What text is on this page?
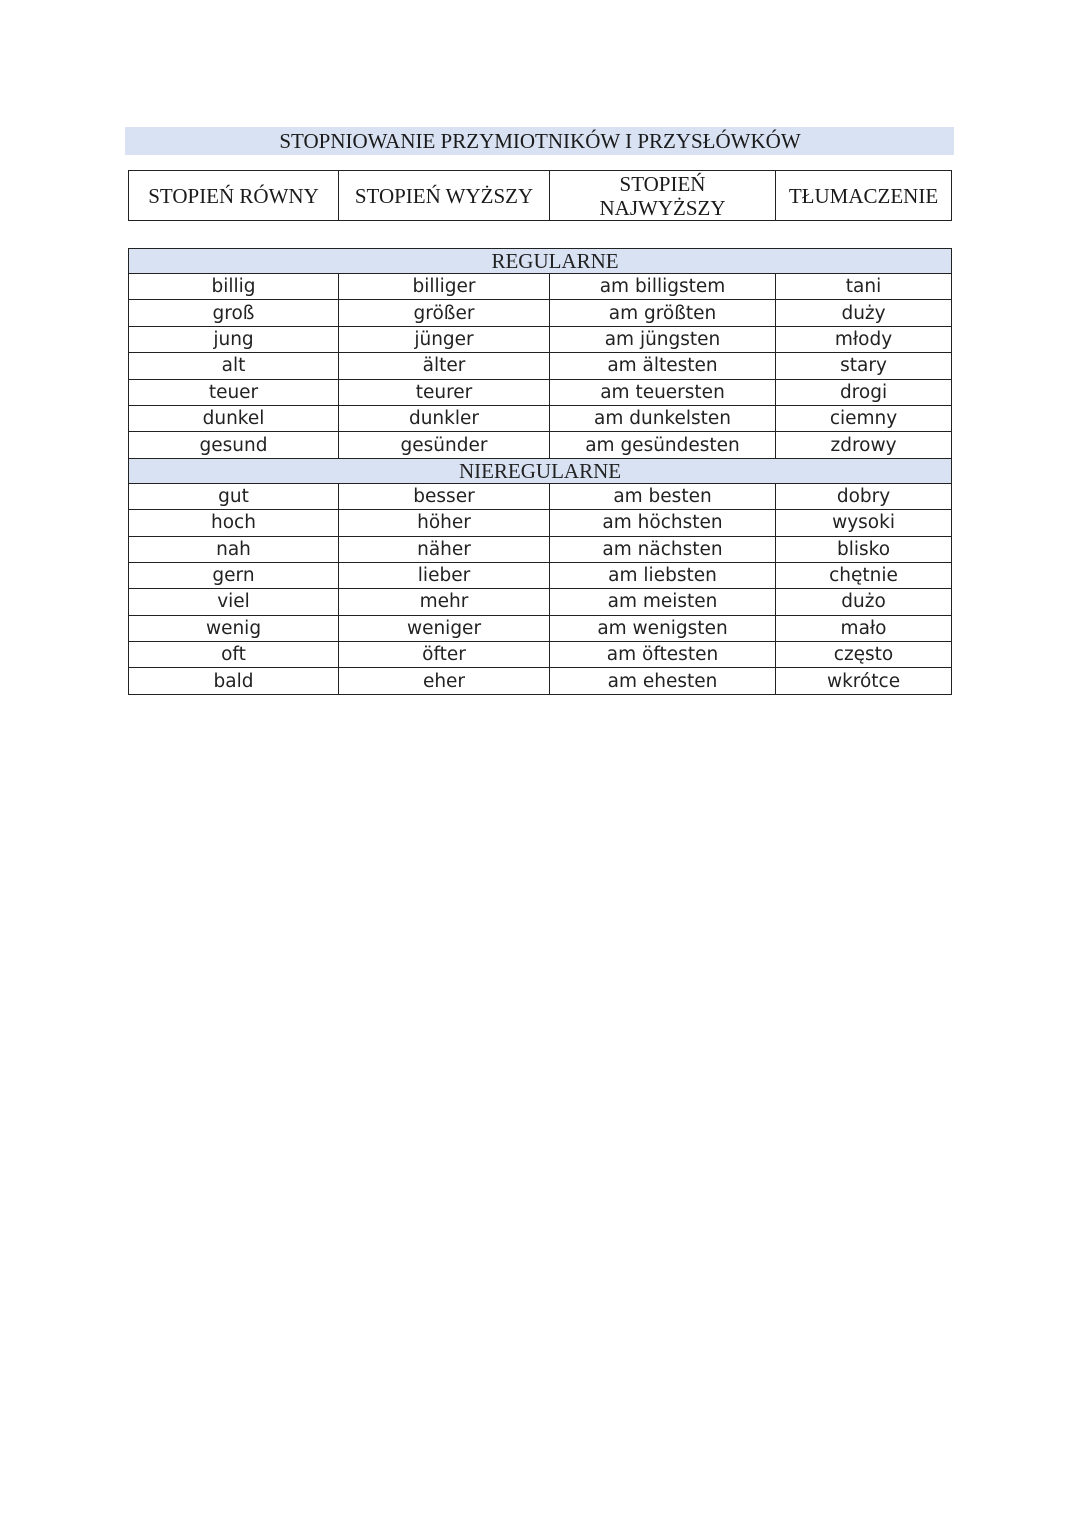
STOPNIOWANIE PRZYMIOTNIKÓW I PRZYSŁÓWKÓW
STOPIEŃ RÓWNY	STOPIEŃ WYŻSZY	STOPIEŃ NAJWYŻSZY	TŁUMACZENIE
REGULARNE			
billig	billiger	am billigstem	tani
groß	größer	am größten	duży
jung	jünger	am jüngsten	młody
alt	älter	am ältesten	stary
teuer	teurer	am teuersten	drogi
dunkel	dunkler	am dunkelsten	ciemny
gesund	gesünder	am gesündesten	zdrowy
NIEREGULARNE			
gut	besser	am besten	dobry
hoch	höher	am höchsten	wysoki
nah	näher	am nächsten	blisko
gern	lieber	am liebsten	chętnie
viel	mehr	am meisten	dużo
wenig	weniger	am wenigsten	mało
oft	öfter	am öftesten	często
bald	eher	am ehesten	wkrótce
